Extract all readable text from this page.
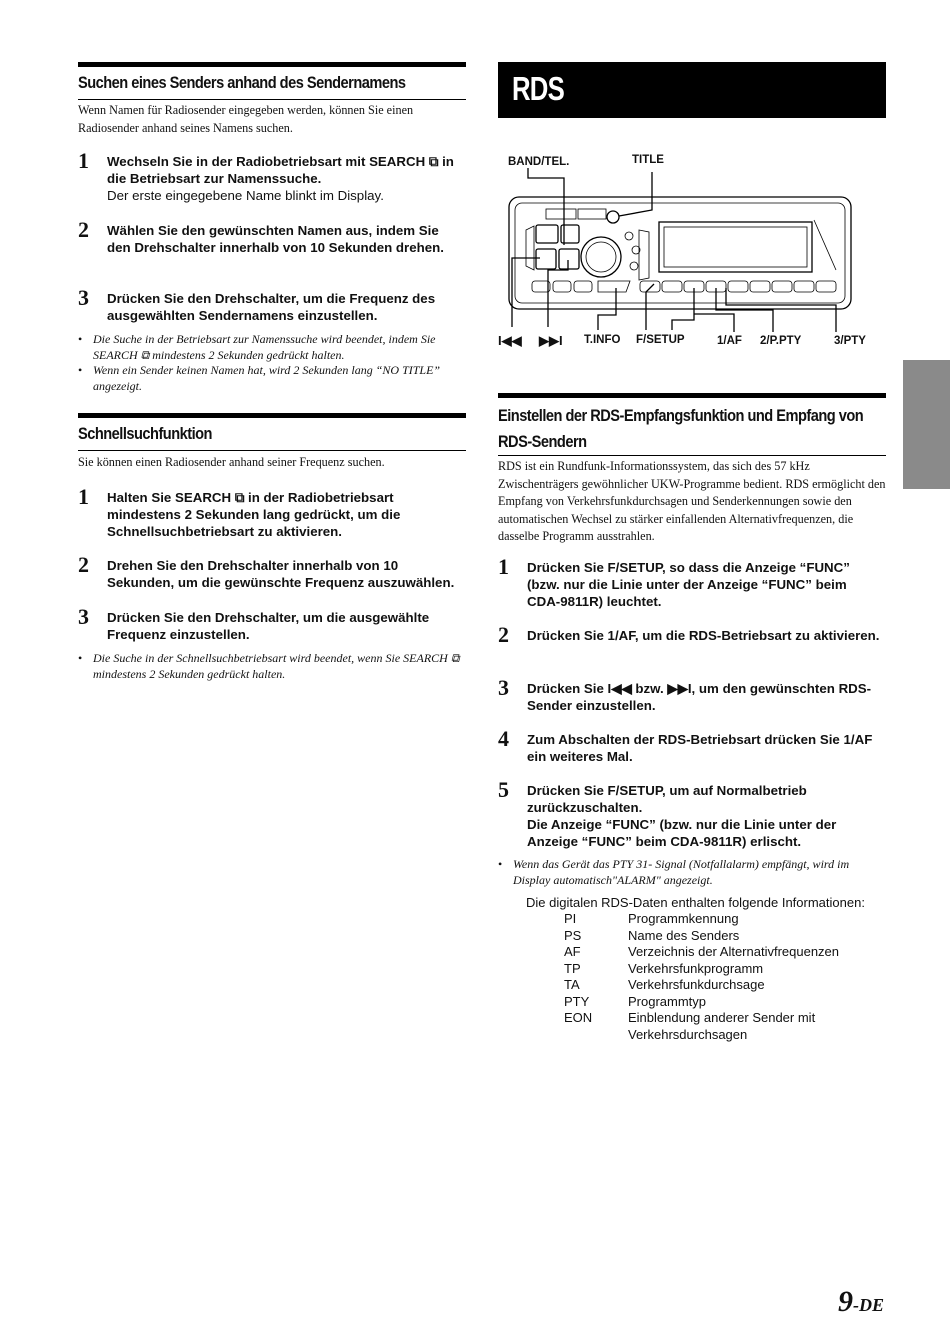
Suchen eines Senders anhand des Sendernamens
Wenn Namen für Radiosender eingegeben werden, können Sie einen Radiosender anhand seines Namens suchen.
1 Wechseln Sie in der Radiobetriebsart mit SEARCH ⧉ in die Betriebsart zur Namenssuche.
Der erste eingegebene Name blinkt im Display.
2 Wählen Sie den gewünschten Namen aus, indem Sie den Drehschalter innerhalb von 10 Sekunden drehen.
3 Drücken Sie den Drehschalter, um die Frequenz des ausgewählten Sendernamens einzustellen.
• Die Suche in der Betriebsart zur Namenssuche wird beendet, indem Sie SEARCH ⧉ mindestens 2 Sekunden gedrückt halten.
• Wenn ein Sender keinen Namen hat, wird 2 Sekunden lang “NO TITLE” angezeigt.
Schnellsuchfunktion
Sie können einen Radiosender anhand seiner Frequenz suchen.
1 Halten Sie SEARCH ⧉ in der Radiobetriebsart mindestens 2 Sekunden lang gedrückt, um die Schnellsuchbetriebsart zu aktivieren.
2 Drehen Sie den Drehschalter innerhalb von 10 Sekunden, um die gewünschte Frequenz auszuwählen.
3 Drücken Sie den Drehschalter, um die ausgewählte Frequenz einzustellen.
• Die Suche in der Schnellsuchbetriebsart wird beendet, wenn Sie SEARCH ⧉ mindestens 2 Sekunden gedrückt halten.
RDS
BAND/TEL.	TITLE
I◀◀ ▶▶I T.INFO F/SETUP	1/AF 2/P.PTY	3/PTY
Einstellen der RDS-Empfangsfunktion und Empfang von RDS-Sendern
RDS ist ein Rundfunk-Informationssystem, das sich des 57 kHz Zwischenträgers gewöhnlicher UKW-Programme bedient. RDS ermöglicht den Empfang von Verkehrsfunkdurchsagen und Senderkennungen sowie den automatischen Wechsel zu stärker einfallenden Alternativfrequenzen, die dasselbe Programm ausstrahlen.
1 Drücken Sie F/SETUP, so dass die Anzeige “FUNC” (bzw. nur die Linie unter der Anzeige “FUNC” beim CDA-9811R) leuchtet.
2 Drücken Sie 1/AF, um die RDS-Betriebsart zu aktivieren.
3 Drücken Sie I◀◀ bzw. ▶▶I, um den gewünschten RDS-Sender einzustellen.
4 Zum Abschalten der RDS-Betriebsart drücken Sie 1/AF ein weiteres Mal.
5 Drücken Sie F/SETUP, um auf Normalbetrieb zurückzuschalten.
Die Anzeige “FUNC” (bzw. nur die Linie unter der Anzeige “FUNC” beim CDA-9811R) erlischt.
• Wenn das Gerät das PTY 31- Signal (Notfallalarm) empfängt, wird im Display automatisch"ALARM" angezeigt.
Die digitalen RDS-Daten enthalten folgende Informationen:
PI	Programmkennung
PS	Name des Senders
AF	Verzeichnis der Alternativfrequenzen
TP	Verkehrsfunkprogramm
TA	Verkehrsfunkdurchsage
PTY	Programmtyp
EON	Einblendung anderer Sender mit
Verkehrsdurchsagen
9-DE
